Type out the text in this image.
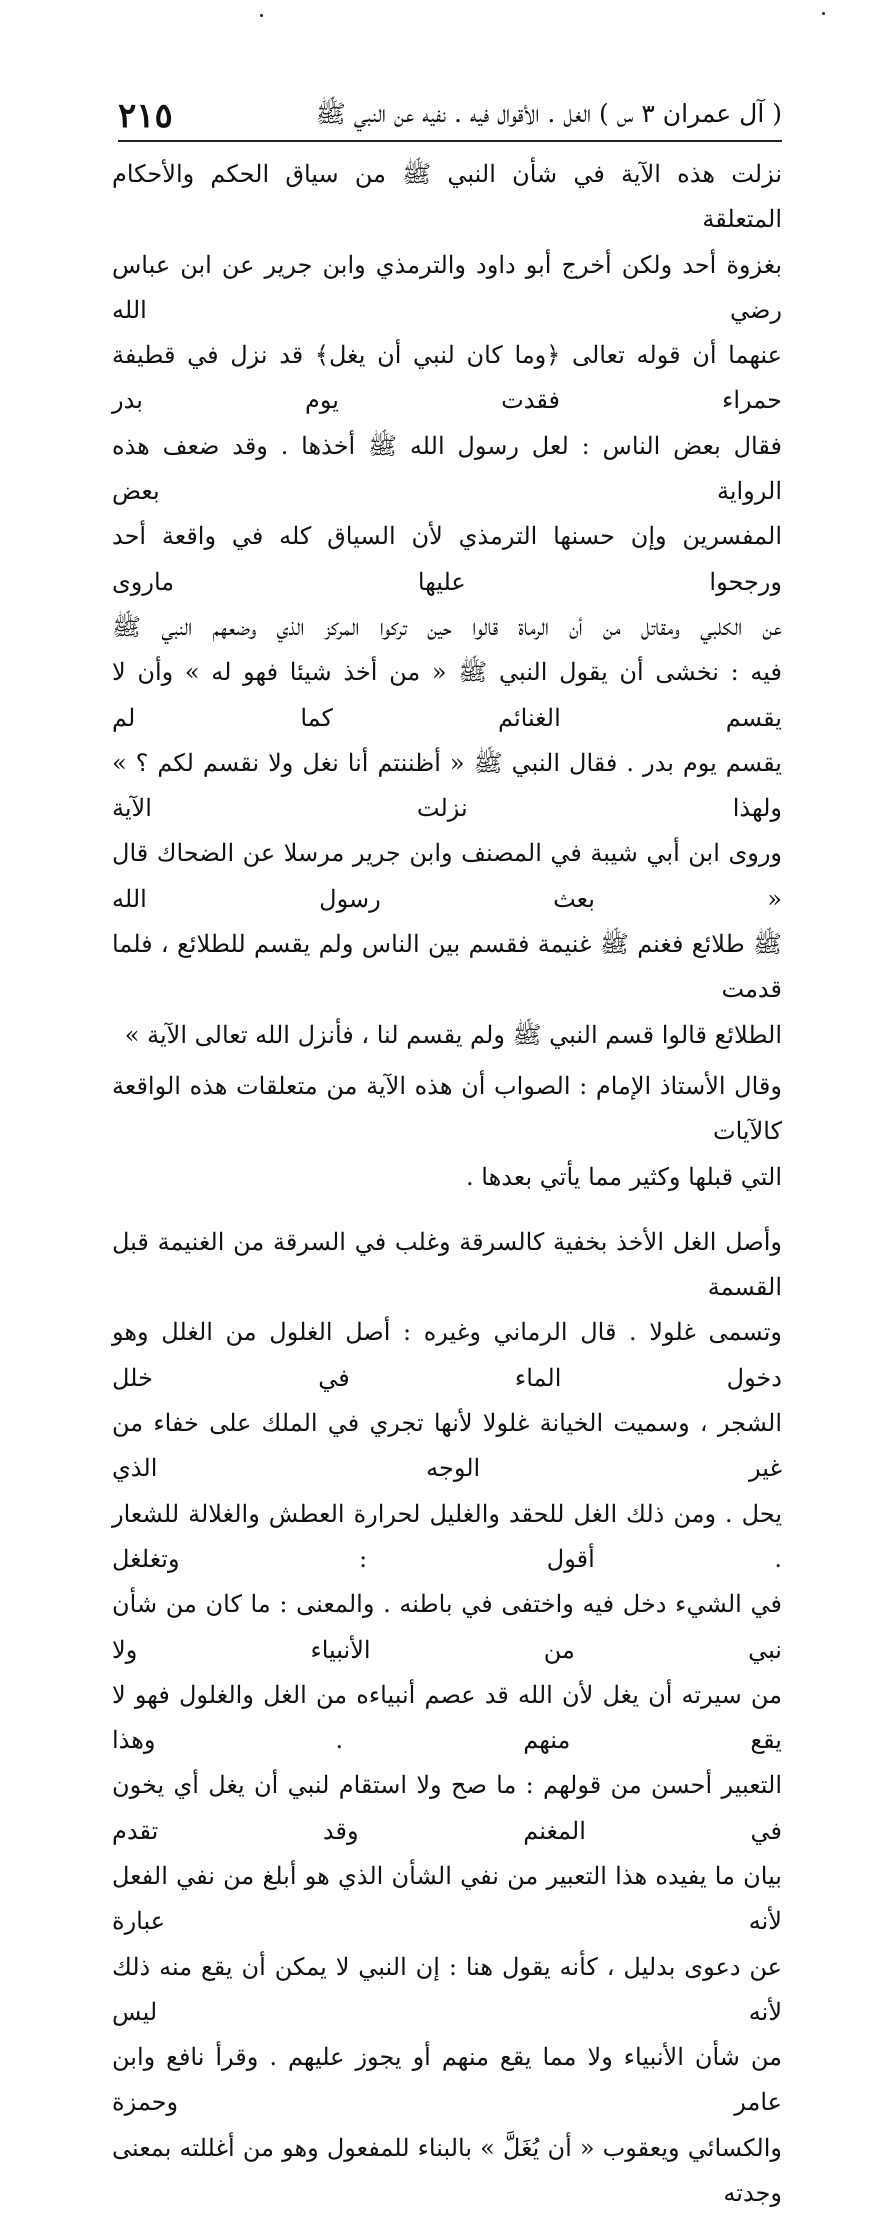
( آل عمران ٣ س ) الغل . الأقوال فيه . نفيه عن النبي ﷺ
٢١٥

نزلت هذه الآية في شأن النبي ﷺ من سياق الحكم والأحكام المتعلقة

بغزوة أحد ولكن أخرج أبو داود والترمذي وابن جرير عن ابن عباس رضي الله

عنهما أن قوله تعالى ﴿وما كان لنبي أن يغل﴾ قد نزل في قطيفة حمراء فقدت يوم بدر

فقال بعض الناس : لعل رسول الله ﷺ أخذها . وقد ضعف هذه الرواية بعض

المفسرين وإن حسنها الترمذي لأن السياق كله في واقعة أحد ورجحوا عليها ماروى

عن الكلبي ومقاتل من أن الرماة قالوا حين تركوا المركز الذي وضعهم النبي ﷺ

فيه : نخشى أن يقول النبي ﷺ « من أخذ شيئا فهو له » وأن لا يقسم الغنائم كما لم

يقسم يوم بدر . فقال النبي ﷺ « أظننتم أنا نغل ولا نقسم لكم ؟ » ولهذا نزلت الآية

وروى ابن أبي شيبة في المصنف وابن جرير مرسلا عن الضحاك قال « بعث رسول الله

ﷺ طلائع فغنم ﷺ غنيمة فقسم بين الناس ولم يقسم للطلائع ، فلما قدمت

الطلائع قالوا قسم النبي ﷺ ولم يقسم لنا ، فأنزل الله تعالى الآية »

وقال الأستاذ الإمام : الصواب أن هذه الآية من متعلقات هذه الواقعة كالآيات

التي قبلها وكثير مما يأتي بعدها .

وأصل الغل الأخذ بخفية كالسرقة وغلب في السرقة من الغنيمة قبل القسمة

وتسمى غلولا . قال الرماني وغيره : أصل الغلول من الغلل وهو دخول الماء في خلل

الشجر ، وسميت الخيانة غلولا لأنها تجري في الملك على خفاء من غير الوجه الذي

يحل . ومن ذلك الغل للحقد والغليل لحرارة العطش والغلالة للشعار . أقول : وتغلغل

في الشيء دخل فيه واختفى في باطنه . والمعنى : ما كان من شأن نبي من الأنبياء ولا

من سيرته أن يغل لأن الله قد عصم أنبياءه من الغل والغلول فهو لا يقع منهم . وهذا

التعبير أحسن من قولهم : ما صح ولا استقام لنبي أن يغل أي يخون في المغنم وقد تقدم

بيان ما يفيده هذا التعبير من نفي الشأن الذي هو أبلغ من نفي الفعل لأنه عبارة

عن دعوى بدليل ، كأنه يقول هنا : إن النبي لا يمكن أن يقع منه ذلك لأنه ليس

من شأن الأنبياء ولا مما يقع منهم أو يجوز عليهم . وقرأ نافع وابن عامر وحمزة

والكسائي ويعقوب « أن يُغَلَّ » بالبناء للمفعول وهو من أغللته بمعنى وجدته
